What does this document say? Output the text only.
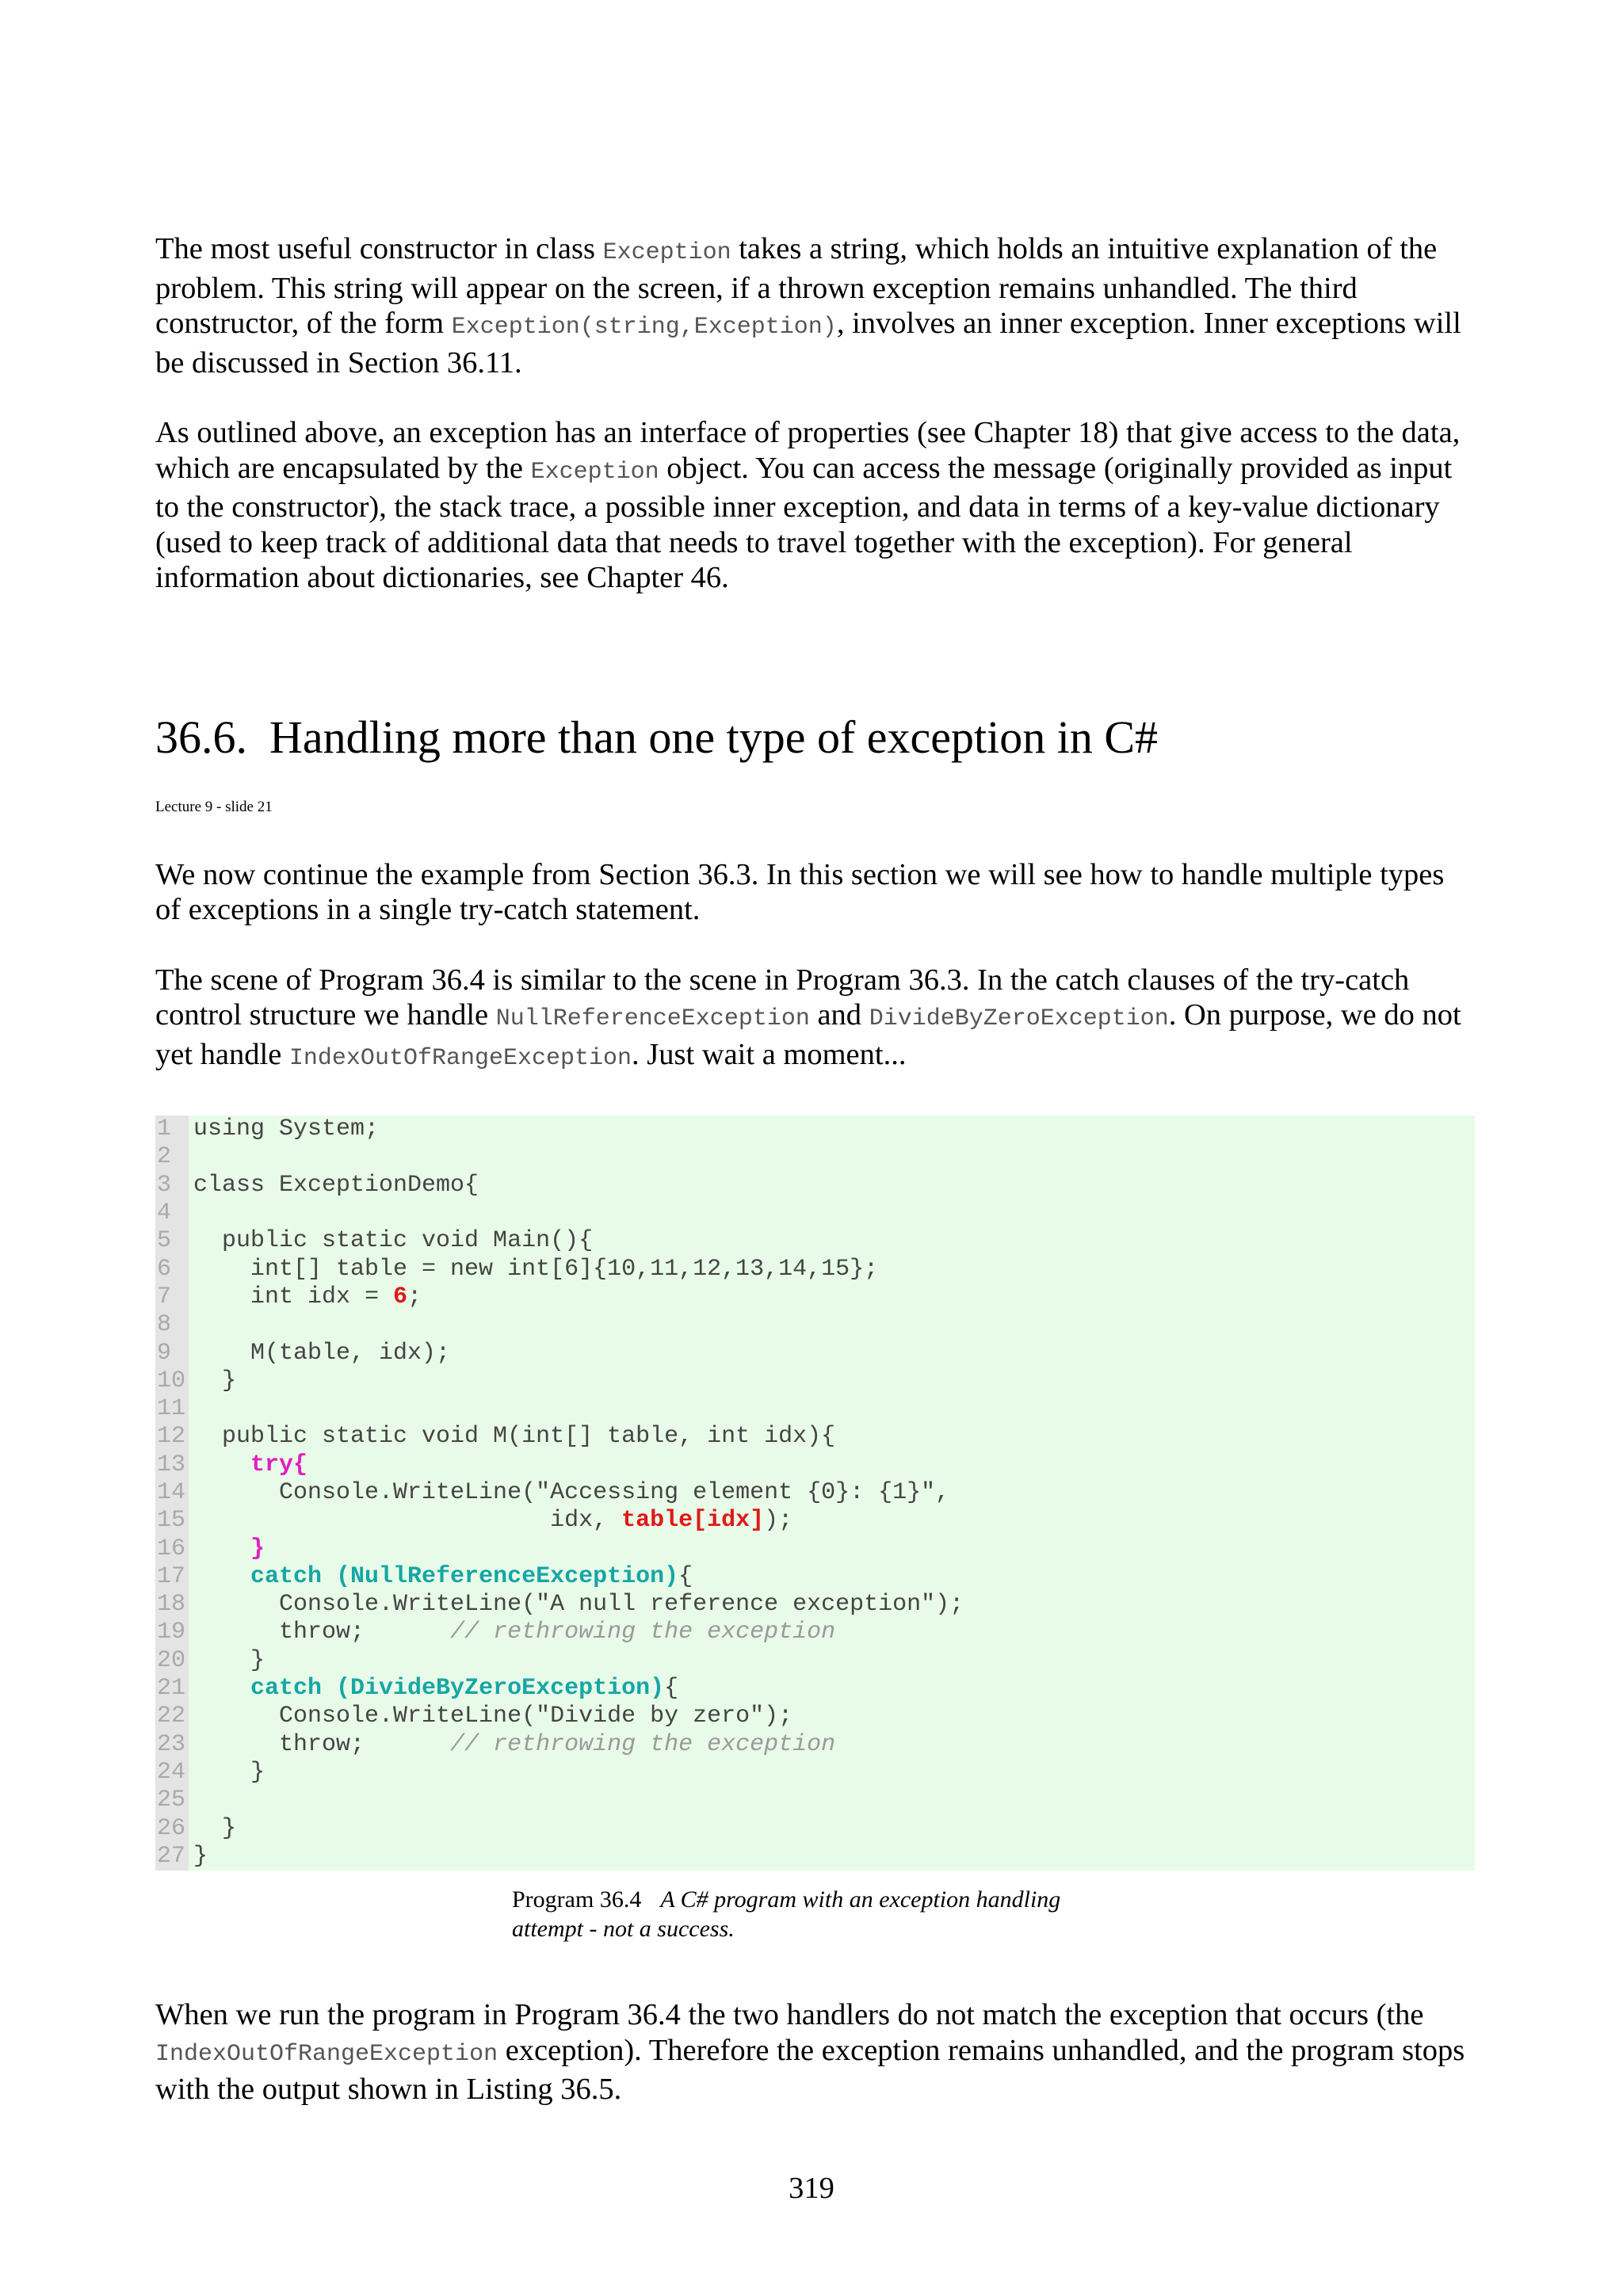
The most useful constructor in class Exception takes a string, which holds an intuitive explanation of the problem. This string will appear on the screen, if a thrown exception remains unhandled. The third constructor, of the form Exception(string,Exception), involves an inner exception. Inner exceptions will be discussed in Section 36.11.

As outlined above, an exception has an interface of properties (see Chapter 18) that give access to the data, which are encapsulated by the Exception object. You can access the message (originally provided as input to the constructor), the stack trace, a possible inner exception, and data in terms of a key-value dictionary (used to keep track of additional data that needs to travel together with the exception). For general information about dictionaries, see Chapter 46.

36.6. Handling more than one type of exception in C#
Lecture 9 - slide 21

We now continue the example from Section 36.3. In this section we will see how to handle multiple types of exceptions in a single try-catch statement.

The scene of Program 36.4 is similar to the scene in Program 36.3. In the catch clauses of the try-catch control structure we handle NullReferenceException and DivideByZeroException. On purpose, we do not yet handle IndexOutOfRangeException. Just wait a moment...

1 using System;
2
3 class ExceptionDemo{
4
5 public static void Main(){
6 int[] table = new int[6]{10,11,12,13,14,15};
7 int idx = 6;
8
9 M(table, idx);
10 }
11
12 public static void M(int[] table, int idx){
13	try{
14 Console.WriteLine("Accessing element {0}: {1}",
15 idx, table[idx]);
16	}
17	catch (NullReferenceException){
18 Console.WriteLine("A null reference exception");
19 throw;      // rethrowing the exception
20 }
21	catch (DivideByZeroException){
22 Console.WriteLine("Divide by zero");
23 throw;      // rethrowing the exception
24 }
25
26 }
27 }
Program 36.4 A C# program with an exception handling attempt - not a success.

When we run the program in Program 36.4 the two handlers do not match the exception that occurs (the IndexOutOfRangeException exception). Therefore the exception remains unhandled, and the program stops with the output shown in Listing 36.5.

319
